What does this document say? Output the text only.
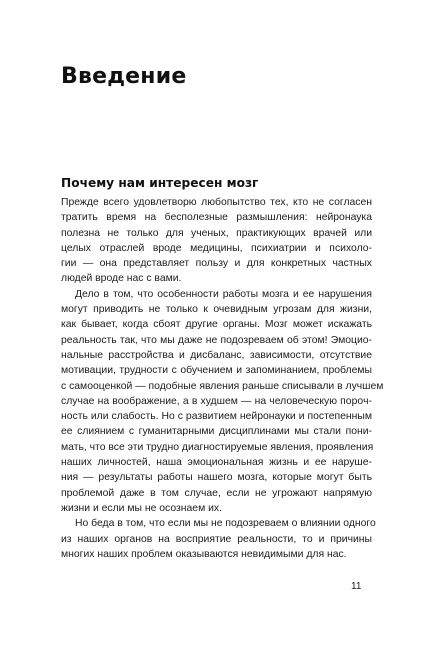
Введение
Почему нам интересен мозг
Прежде всего удовлетворю любопытство тех, кто не согласен
тратить время на бесполезные размышления: нейронаука
полезна не только для ученых, практикующих врачей или
целых отраслей вроде медицины, психиатрии и психоло-
гии — она представляет пользу и для конкретных частных
людей вроде нас с вами.
Дело в том, что особенности работы мозга и ее нарушения
могут приводить не только к очевидным угрозам для жизни,
как бывает, когда сбоят другие органы. Мозг может искажать
реальность так, что мы даже не подозреваем об этом! Эмоцио-
нальные расстройства и дисбаланс, зависимости, отсутствие
мотивации, трудности с обучением и запоминанием, проблемы
с самооценкой — подобные явления раньше списывали в лучшем
случае на воображение, а в худшем — на человеческую порoч-
ность или слабость. Но с развитием нейронауки и постепенным
ее слиянием с гуманитарными дисциплинами мы стали пони-
мать, что все эти трудно диагностируемые явления, проявления
наших личностей, наша эмоциональная жизнь и ее наруше-
ния — результаты работы нашего мозга, которые могут быть
проблемой даже в том случае, если не угрожают напрямую
жизни и если мы не осознаем их.
Но беда в том, что если мы не подозреваем о влиянии одного
из наших органов на восприятие реальности, то и причины
многих наших проблем оказываются невидимыми для нас.
11
